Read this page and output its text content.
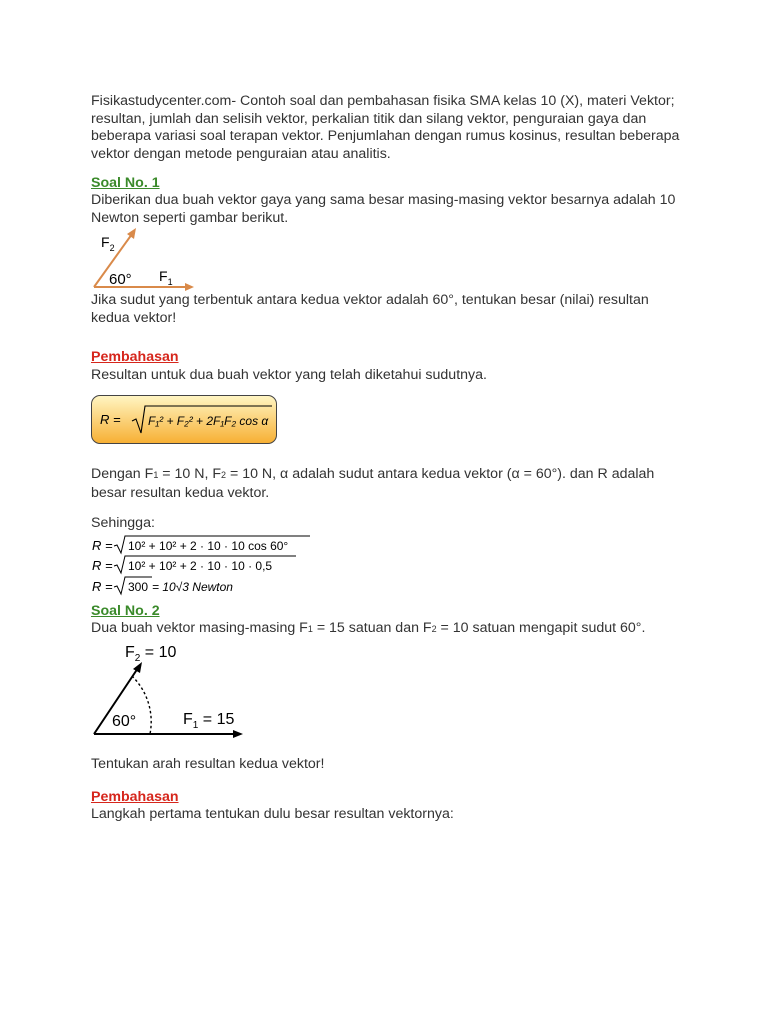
Fisikastudycenter.com- Contoh soal dan pembahasan fisika SMA kelas 10 (X), materi Vektor; resultan, jumlah dan selisih vektor, perkalian titik dan silang vektor, penguraian gaya dan beberapa variasi soal terapan vektor. Penjumlahan dengan rumus kosinus, resultan beberapa vektor dengan metode penguraian atau analitis.

Soal No. 1

Diberikan dua buah vektor gaya yang sama besar masing-masing vektor besarnya adalah 10 Newton seperti gambar berikut.

$F_2$
$F_1$
60°

Jika sudut yang terbentuk antara kedua vektor adalah 60°, tentukan besar (nilai) resultan kedua vektor!

Pembahasan

Resultan untuk dua buah vektor yang telah diketahui sudutnya.

R = F₁² + F₂² + 2F₁F₂ cos α

Dengan F1 = 10 N, F2 = 10 N, α adalah sudut antara kedua vektor (α = 60°). dan R adalah besar resultan kedua vektor.

Sehingga:

R = 10² + 10² + 2 · 10 · 10 cos 60°
R = 10² + 10² + 2 · 10 · 10 · 0,5
R = 300 = 10√3 Newton

Soal No. 2

Dua buah vektor masing-masing F1 = 15 satuan dan F2 = 10 satuan mengapit sudut 60°.

$F_2 = 10$
$F_1 = 15$
60°

Tentukan arah resultan kedua vektor!

Pembahasan

Langkah pertama tentukan dulu besar resultan vektornya:
